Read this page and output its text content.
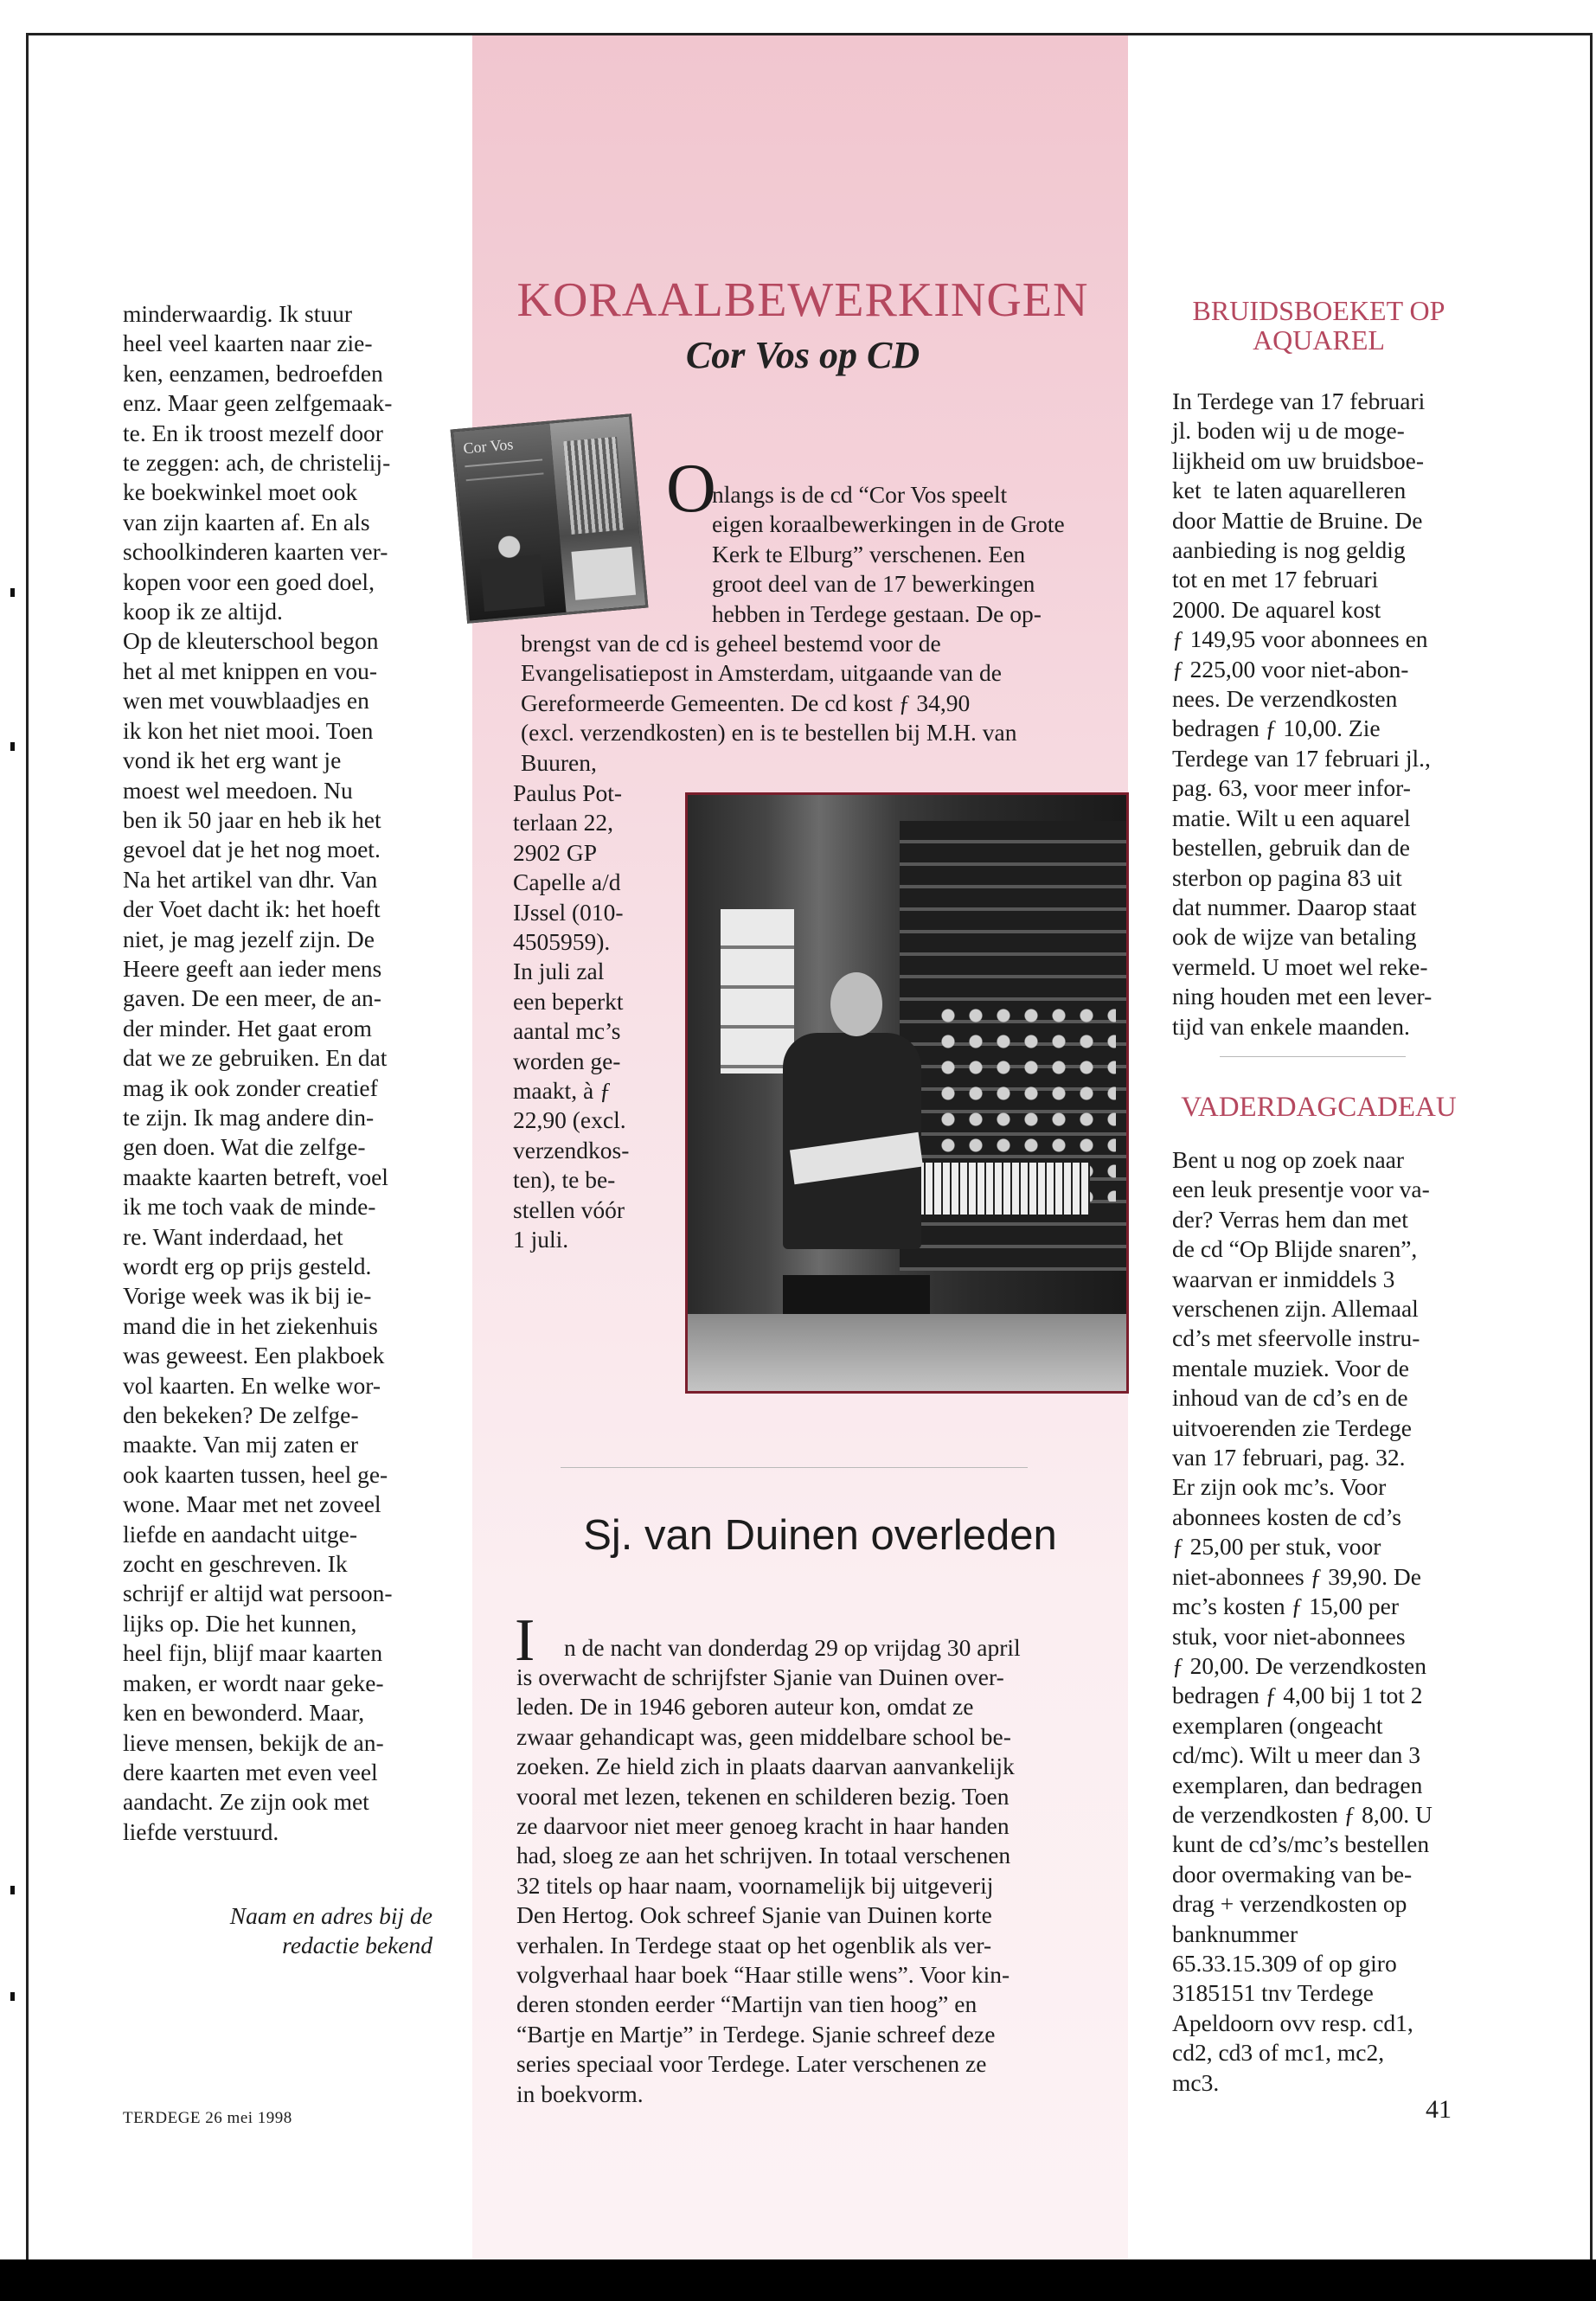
minderwaardig. Ik stuur
heel veel kaarten naar zie-
ken, eenzamen, bedroefden
enz. Maar geen zelfgemaak-
te. En ik troost mezelf door
te zeggen: ach, de christelij-
ke boekwinkel moet ook
van zijn kaarten af. En als
schoolkinderen kaarten ver-
kopen voor een goed doel,
koop ik ze altijd.
Op de kleuterschool begon
het al met knippen en vou-
wen met vouwblaadjes en
ik kon het niet mooi. Toen
vond ik het erg want je
moest wel meedoen. Nu
ben ik 50 jaar en heb ik het
gevoel dat je het nog moet.
Na het artikel van dhr. Van
der Voet dacht ik: het hoeft
niet, je mag jezelf zijn. De
Heere geeft aan ieder mens
gaven. De een meer, de an-
der minder. Het gaat erom
dat we ze gebruiken. En dat
mag ik ook zonder creatief
te zijn. Ik mag andere din-
gen doen. Wat die zelfge-
maakte kaarten betreft, voel
ik me toch vaak de minde-
re. Want inderdaad, het
wordt erg op prijs gesteld.
Vorige week was ik bij ie-
mand die in het ziekenhuis
was geweest. Een plakboek
vol kaarten. En welke wor-
den bekeken? De zelfge-
maakte. Van mij zaten er
ook kaarten tussen, heel ge-
wone. Maar met net zoveel
liefde en aandacht uitge-
zocht en geschreven. Ik
schrijf er altijd wat persoon-
lijks op. Die het kunnen,
heel fijn, blijf maar kaarten
maken, er wordt naar geke-
ken en bewonderd. Maar,
lieve mensen, bekijk de an-
dere kaarten met even veel
aandacht. Ze zijn ook met
liefde verstuurd.

Naam en adres bij de
redactie bekend

KORAALBEWERKINGEN
Cor Vos op CD
Cor Vos

O

nlangs is de cd “Cor Vos speelt
eigen koraalbewerkingen in de Grote
Kerk te Elburg” verschenen. Een
groot deel van de 17 bewerkingen
hebben in Terdege gestaan. De op-

brengst van de cd is geheel bestemd voor de
Evangelisatiepost in Amsterdam, uitgaande van de
Gereformeerde Gemeenten. De cd kost ƒ 34,90
(excl. verzendkosten) en is te bestellen bij M.H. van
Buuren,

Paulus Pot-
terlaan 22,
2902 GP
Capelle a/d
IJssel (010-
4505959).
In juli zal
een beperkt
aantal mc’s
worden ge-
maakt, à ƒ
22,90 (excl.
verzendkos-
ten), te be-
stellen vóór
1 juli.

Sj. van Duinen overleden

I n de nacht van donderdag 29 op vrijdag 30 april

is overwacht de schrijfster Sjanie van Duinen over-
leden. De in 1946 geboren auteur kon, omdat ze
zwaar gehandicapt was, geen middelbare school be-
zoeken. Ze hield zich in plaats daarvan aanvankelijk
vooral met lezen, tekenen en schilderen bezig. Toen
ze daarvoor niet meer genoeg kracht in haar handen
had, sloeg ze aan het schrijven. In totaal verschenen
32 titels op haar naam, voornamelijk bij uitgeverij
Den Hertog. Ook schreef Sjanie van Duinen korte
verhalen. In Terdege staat op het ogenblik als ver-
volgverhaal haar boek “Haar stille wens”. Voor kin-
deren stonden eerder “Martijn van tien hoog” en
“Bartje en Martje” in Terdege. Sjanie schreef deze
series speciaal voor Terdege. Later verschenen ze
in boekvorm.

BRUIDSBOEKET OP AQUAREL

In Terdege van 17 februari
jl. boden wij u de moge-
lijkheid om uw bruidsboe-
ket  te laten aquarelleren
door Mattie de Bruine. De
aanbieding is nog geldig
tot en met 17 februari
2000. De aquarel kost
ƒ 149,95 voor abonnees en
ƒ 225,00 voor niet-abon-
nees. De verzendkosten
bedragen ƒ 10,00. Zie
Terdege van 17 februari jl.,
pag. 63, voor meer infor-
matie. Wilt u een aquarel
bestellen, gebruik dan de
sterbon op pagina 83 uit
dat nummer. Daarop staat
ook de wijze van betaling
vermeld. U moet wel reke-
ning houden met een lever-
tijd van enkele maanden.

VADERDAGCADEAU

Bent u nog op zoek naar
een leuk presentje voor va-
der? Verras hem dan met
de cd “Op Blijde snaren”,
waarvan er inmiddels 3
verschenen zijn. Allemaal
cd’s met sfeervolle instru-
mentale muziek. Voor de
inhoud van de cd’s en de
uitvoerenden zie Terdege
van 17 februari, pag. 32.
Er zijn ook mc’s. Voor
abonnees kosten de cd’s
ƒ 25,00 per stuk, voor
niet-abonnees ƒ 39,90. De
mc’s kosten ƒ 15,00 per
stuk, voor niet-abonnees
ƒ 20,00. De verzendkosten
bedragen ƒ 4,00 bij 1 tot 2
exemplaren (ongeacht
cd/mc). Wilt u meer dan 3
exemplaren, dan bedragen
de verzendkosten ƒ 8,00. U
kunt de cd’s/mc’s bestellen
door overmaking van be-
drag + verzendkosten op
banknummer
65.33.15.309 of op giro
3185151 tnv Terdege
Apeldoorn ovv resp. cd1,
cd2, cd3 of mc1, mc2,
mc3.

TERDEGE 26 mei 1998	41
